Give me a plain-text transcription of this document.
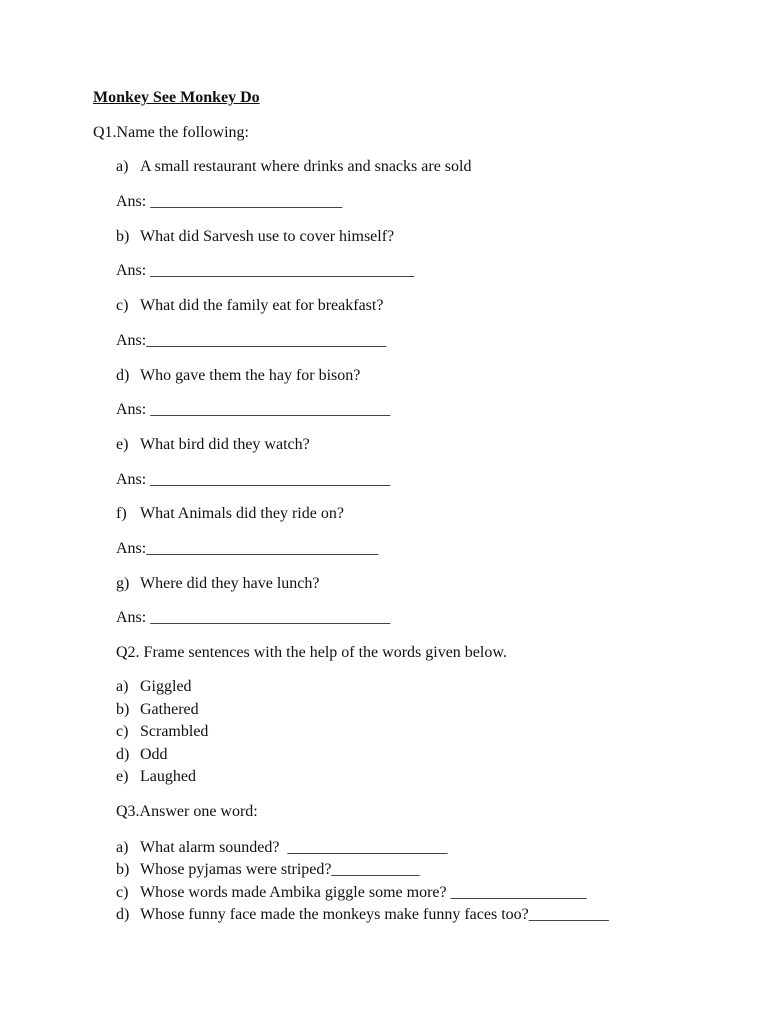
Monkey See Monkey Do
Q1.Name the following:
a) A small restaurant where drinks and snacks are sold
Ans: ________________________
b) What did Sarvesh use to cover himself?
Ans: _________________________________
c) What did the family eat for breakfast?
Ans:______________________________
d) Who gave them the hay for bison?
Ans: ______________________________
e) What bird did they watch?
Ans: ______________________________
f) What Animals did they ride on?
Ans:_____________________________
g) Where did they have lunch?
Ans: ______________________________
Q2. Frame sentences with the help of the words given below.
a) Giggled
b) Gathered
c) Scrambled
d) Odd
e) Laughed
Q3.Answer one word:
a) What alarm sounded?  ____________________
b) Whose pyjamas were striped?___________
c) Whose words made Ambika giggle some more? _________________
d) Whose funny face made the monkeys make funny faces too?__________
